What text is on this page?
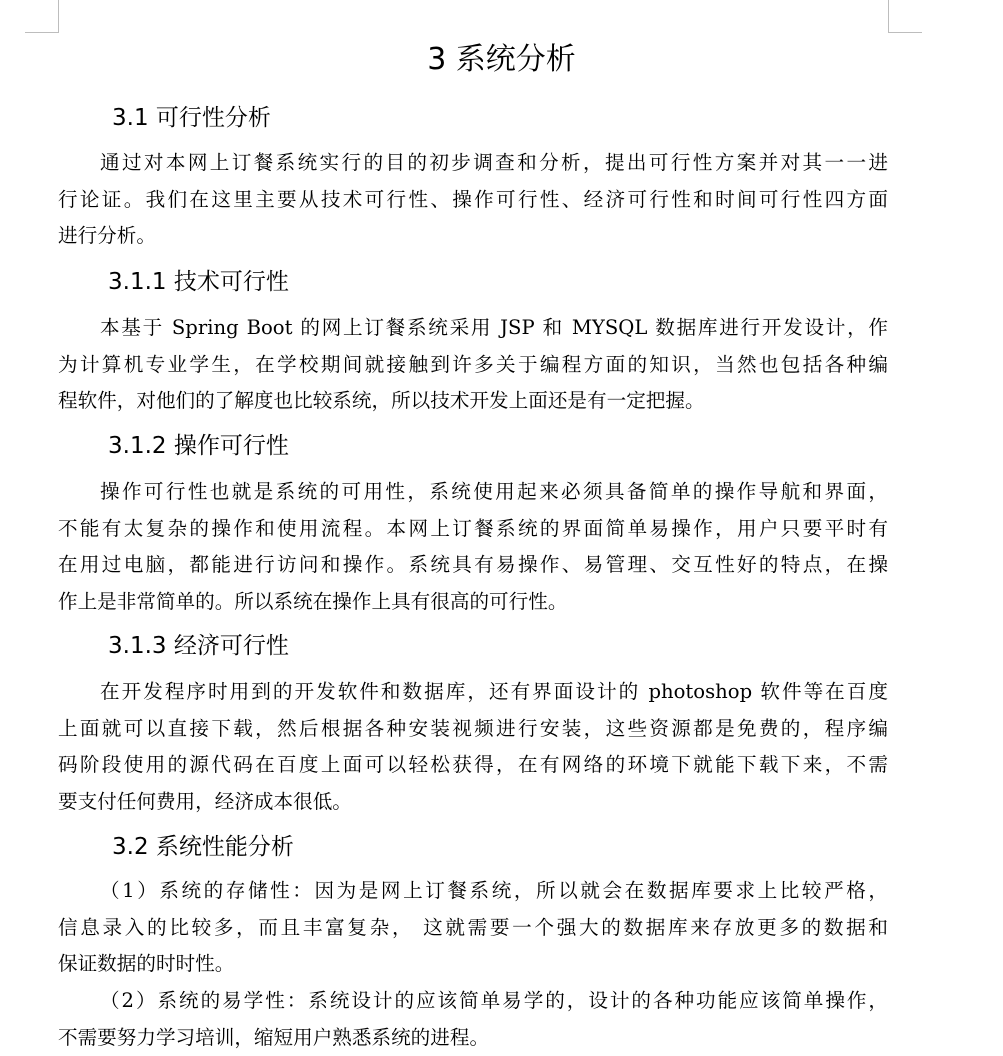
3 系统分析
3.1 可行性分析
通过对本网上订餐系统实行的目的初步调查和分析，提出可行性方案并对其一一进
行论证。我们在这里主要从技术可行性、操作可行性、经济可行性和时间可行性四方面
进行分析。
3.1.1 技术可行性
本基于 Spring Boot 的网上订餐系统采用 JSP 和 MYSQL 数据库进行开发设计，作
为计算机专业学生，在学校期间就接触到许多关于编程方面的知识，当然也包括各种编
程软件，对他们的了解度也比较系统，所以技术开发上面还是有一定把握。
3.1.2 操作可行性
操作可行性也就是系统的可用性，系统使用起来必须具备简单的操作导航和界面，
不能有太复杂的操作和使用流程。本网上订餐系统的界面简单易操作，用户只要平时有
在用过电脑，都能进行访问和操作。系统具有易操作、易管理、交互性好的特点，在操
作上是非常简单的。所以系统在操作上具有很高的可行性。
3.1.3 经济可行性
在开发程序时用到的开发软件和数据库，还有界面设计的 photoshop 软件等在百度
上面就可以直接下载，然后根据各种安装视频进行安装，这些资源都是免费的，程序编
码阶段使用的源代码在百度上面可以轻松获得，在有网络的环境下就能下载下来，不需
要支付任何费用，经济成本很低。
3.2 系统性能分析
（1）系统的存储性：因为是网上订餐系统，所以就会在数据库要求上比较严格，
信息录入的比较多，而且丰富复杂， 这就需要一个强大的数据库来存放更多的数据和
保证数据的时时性。
（2）系统的易学性：系统设计的应该简单易学的，设计的各种功能应该简单操作，
不需要努力学习培训，缩短用户熟悉系统的进程。
